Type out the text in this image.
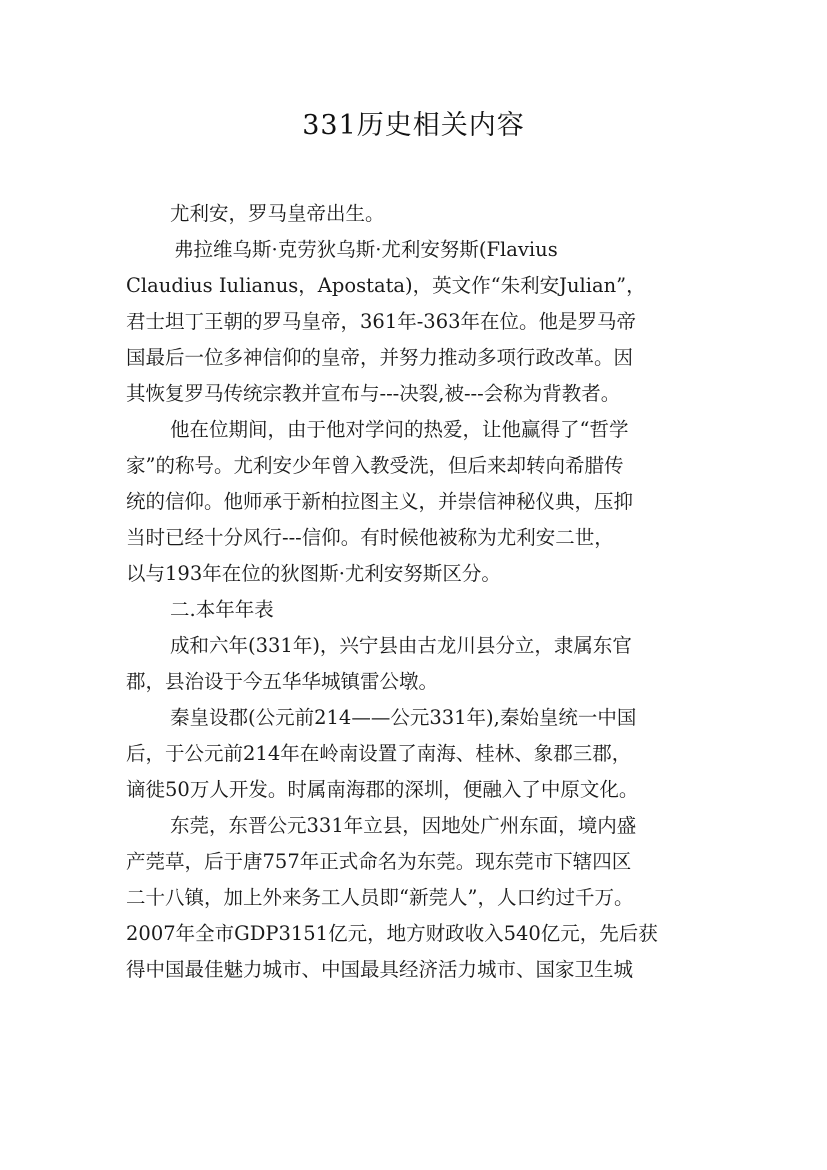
331历史相关内容
尤利安，罗马皇帝出生。
弗拉维乌斯·克劳狄乌斯·尤利安努斯(Flavius
Claudius Iulianus，Apostata)，英文作“朱利安Julian”，
君士坦丁王朝的罗马皇帝，361年-363年在位。他是罗马帝
国最后一位多神信仰的皇帝，并努力推动多项行政改革。因
其恢复罗马传统宗教并宣布与---决裂,被---会称为背教者。
他在位期间，由于他对学问的热爱，让他赢得了“哲学
家”的称号。尤利安少年曾入教受洗，但后来却转向希腊传
统的信仰。他师承于新柏拉图主义，并崇信神秘仪典，压抑
当时已经十分风行---信仰。有时候他被称为尤利安二世，
以与193年在位的狄图斯·尤利安努斯区分。
二.本年年表
成和六年(331年)，兴宁县由古龙川县分立，隶属东官
郡，县治设于今五华华城镇雷公墩。
秦皇设郡(公元前214——公元331年),秦始皇统一中国
后，于公元前214年在岭南设置了南海、桂林、象郡三郡，
谪徙50万人开发。时属南海郡的深圳，便融入了中原文化。
东莞，东晋公元331年立县，因地处广州东面，境内盛
产莞草，后于唐757年正式命名为东莞。现东莞市下辖四区
二十八镇，加上外来务工人员即“新莞人”，人口约过千万。
2007年全市GDP3151亿元，地方财政收入540亿元，先后获
得中国最佳魅力城市、中国最具经济活力城市、国家卫生城
